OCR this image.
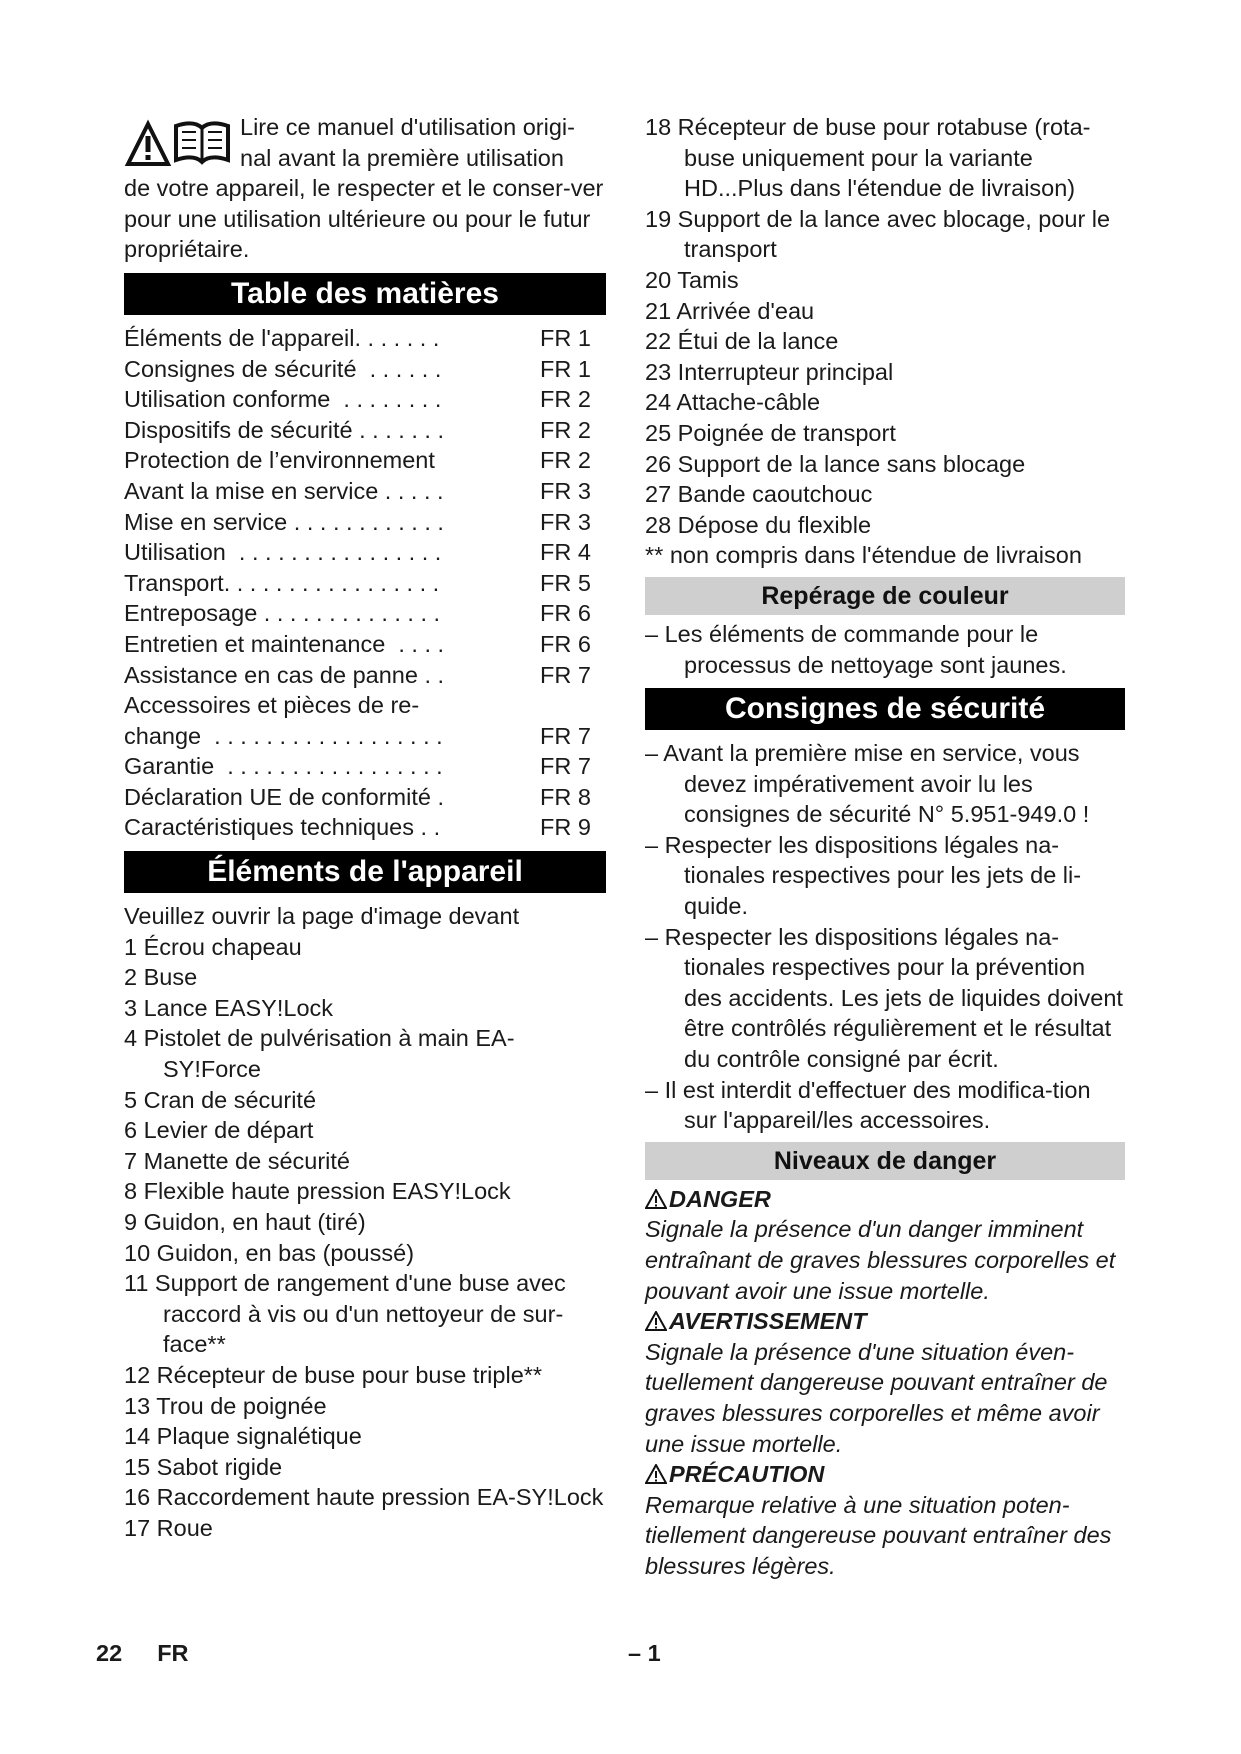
Lire ce manuel d'utilisation origi-

nal avant la première utilisation

de votre appareil, le respecter et le conser-ver pour une utilisation ultérieure ou pour le futur propriétaire.

Table des matières
Éléments de l'appareil. . . . . . .	FR 1
Consignes de sécurité  . . . . . .	FR 1
Utilisation conforme  . . . . . . . .	FR 2
Dispositifs de sécurité . . . . . . .	FR 2
Protection de l’environnement	FR 2
Avant la mise en service . . . . .	FR 3
Mise en service . . . . . . . . . . . .	FR 3
Utilisation  . . . . . . . . . . . . . . . .	FR 4
Transport. . . . . . . . . . . . . . . . .	FR 5
Entreposage . . . . . . . . . . . . . .	FR 6
Entretien et maintenance  . . . .	FR 6
Assistance en cas de panne . .	FR 7
Accessoires et pièces de re-
change  . . . . . . . . . . . . . . . . . .	FR 7
Garantie  . . . . . . . . . . . . . . . . .	FR 7
Déclaration UE de conformité .	FR 8
Caractéristiques techniques . .	FR 9
Éléments de l'appareil

Veuillez ouvrir la page d'image devant

1 Écrou chapeau

2 Buse

3 Lance EASY!Lock

4 Pistolet de pulvérisation à main EA-SY!Force

5 Cran de sécurité

6 Levier de départ

7 Manette de sécurité

8 Flexible haute pression EASY!Lock

9 Guidon, en haut (tiré)

10 Guidon, en bas (poussé)

11 Support de rangement d'une buse avec raccord à vis ou d'un nettoyeur de sur-face**

12 Récepteur de buse pour buse triple**

13 Trou de poignée

14 Plaque signalétique

15 Sabot rigide

16 Raccordement haute pression EA-SY!Lock

17 Roue

18 Récepteur de buse pour rotabuse (rota-buse uniquement pour la variante HD...Plus dans l'étendue de livraison)

19 Support de la lance avec blocage, pour le transport

20 Tamis

21 Arrivée d'eau

22 Étui de la lance

23 Interrupteur principal

24 Attache-câble

25 Poignée de transport

26 Support de la lance sans blocage

27 Bande caoutchouc

28 Dépose du flexible

** non compris dans l'étendue de livraison

Repérage de couleur

– Les éléments de commande pour le processus de nettoyage sont jaunes.

Consignes de sécurité

– Avant la première mise en service, vous devez impérativement avoir lu les consignes de sécurité N° 5.951-949.0 !

– Respecter les dispositions légales na-tionales respectives pour les jets de li-quide.

– Respecter les dispositions légales na-tionales respectives pour la prévention des accidents. Les jets de liquides doivent être contrôlés régulièrement et le résultat du contrôle consigné par écrit.

– Il est interdit d'effectuer des modifica-tion sur l'appareil/les accessoires.

Niveaux de danger
DANGER

Signale la présence d'un danger imminent entraînant de graves blessures corporelles et pouvant avoir une issue mortelle.

AVERTISSEMENT

Signale la présence d'une situation éven-tuellement dangereuse pouvant entraîner de graves blessures corporelles et même avoir une issue mortelle.

PRÉCAUTION

Remarque relative à une situation poten-tiellement dangereuse pouvant entraîner des blessures légères.

22 FR	– 1
